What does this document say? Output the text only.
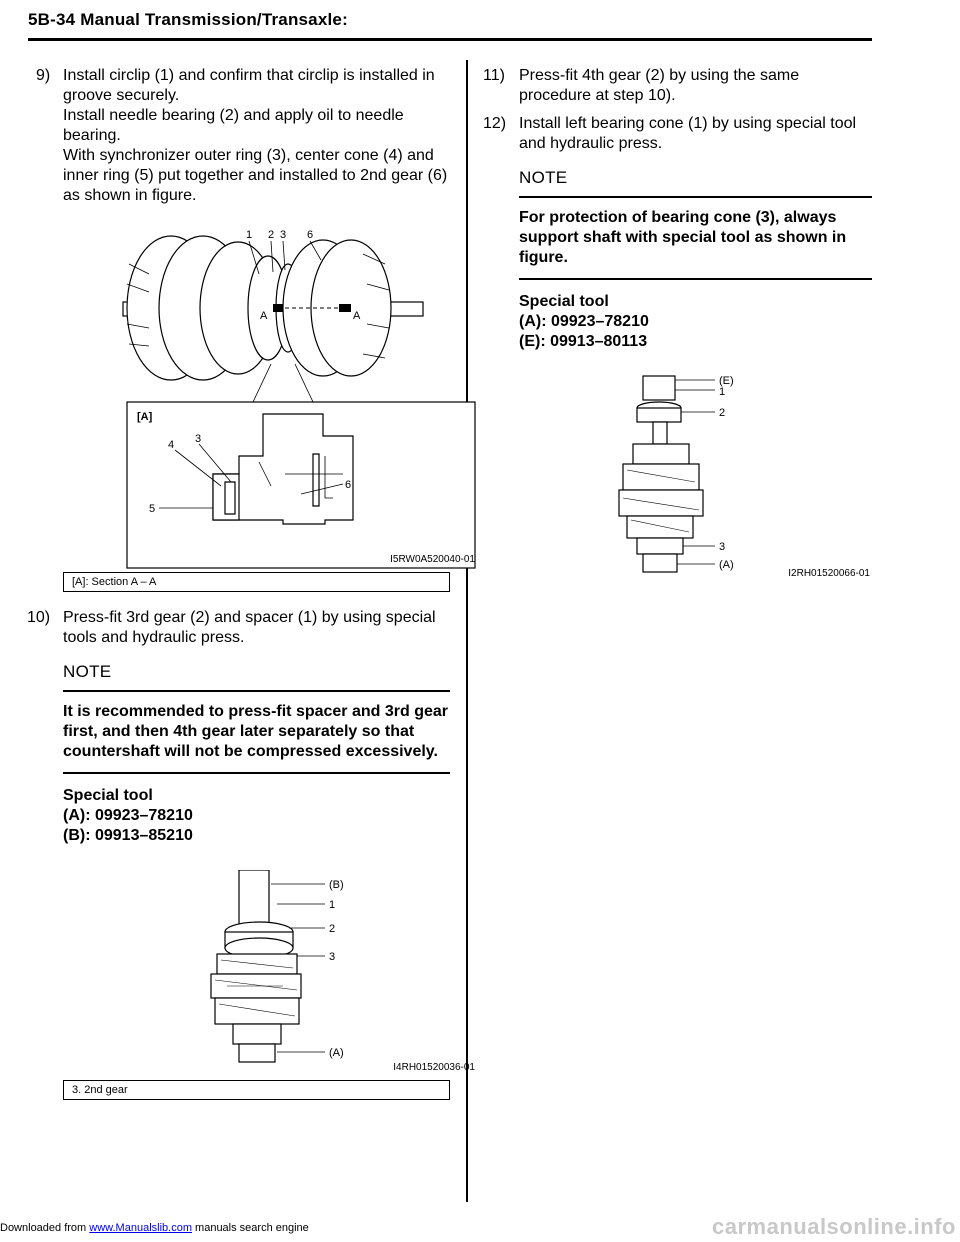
5B-34 Manual Transmission/Transaxle:
9) Install circlip (1) and confirm that circlip is installed in groove securely.

Install needle bearing (2) and apply oil to needle bearing.

With synchronizer outer ring (3), center cone (4) and inner ring (5) put together and installed to 2nd gear (6) as shown in figure.

A	A
1 2 3 6
[A]
4 3
5
6
I5RW0A520040-01
[A]: Section A – A
10) Press-fit 3rd gear (2) and spacer (1) by using special tools and hydraulic press.

NOTE
It is recommended to press-fit spacer and 3rd gear first, and then 4th gear later separately so that countershaft will not be compressed excessively.
Special tool
(A): 09923–78210
(B): 09913–85210
(B)
1
2
3
(A)
I4RH01520036-01
3. 2nd gear
11) Press-fit 4th gear (2) by using the same procedure at step 10).

12) Install left bearing cone (1) by using special tool and hydraulic press.

NOTE
For protection of bearing cone (3), always support shaft with special tool as shown in figure.
Special tool
(A): 09923–78210
(E): 09913–80113
(E)
1
2
3
(A)
I2RH01520066-01
Downloaded from www.Manualslib.com manuals search engine	carmanualsonline.info
